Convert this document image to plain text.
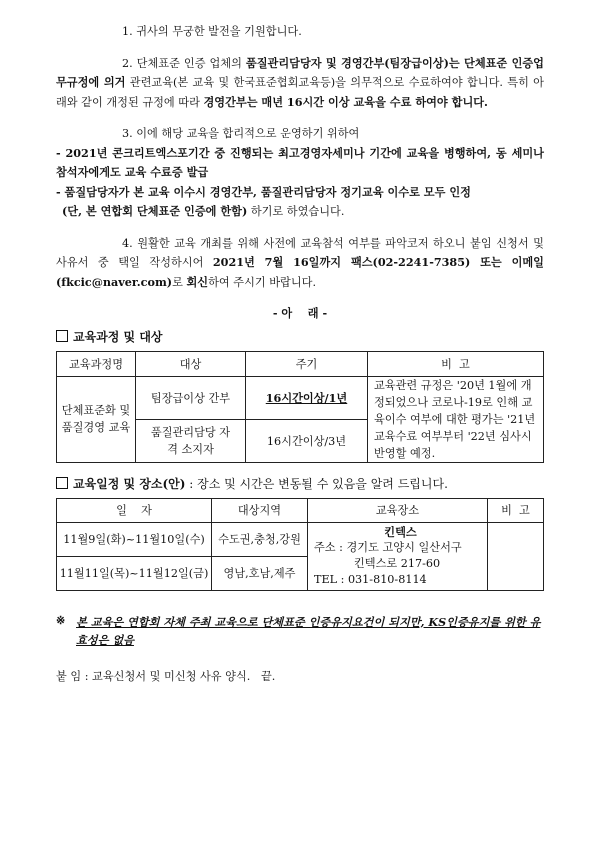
1. 귀사의 무궁한 발전을 기원합니다.

2. 단체표준 인증 업체의 품질관리담당자 및 경영간부(팀장급이상)는 단체표준 인증업무규정에 의거 관련교육(본 교육 및 한국표준협회교육등)을 의무적으로 수료하여야 합니다. 특히 아래와 같이 개정된 규정에 따라 경영간부는 매년 16시간 이상 교육을 수료 하여야 합니다.

3. 이에 해당 교육을 합리적으로 운영하기 위하여

- 2021년 콘크리트엑스포기간 중 진행되는 최고경영자세미나 기간에 교육을 병행하여, 동 세미나 참석자에게도 교육 수료증 발급

- 품질담당자가 본 교육 이수시 경영간부, 품질관리담당자 정기교육 이수로 모두 인정

(단, 본 연합회 단체표준 인증에 한함) 하기로 하였습니다.

4. 원활한 교육 개최를 위해 사전에 교육참석 여부를 파악코저 하오니 붙임 신청서 및 사유서 중 택일 작성하시어 2021년 7월 16일까지 팩스(02-2241-7385) 또는 이메일(fkcic@naver.com)로 회신하여 주시기 바랍니다.

- 아    래 -

교육과정 및 대상
교육과정명	대상	주기	비  고
단체표준화 및 품질경영 교육	팀장급이상 간부	16시간이상/1년	교육관련 규정은 '20년 1월에 개정되었으나 코로나-19로 인해 교육이수 여부에 대한 평가는 '21년 교육수료 여부부터 '22년 심사시 반영할 예정.
	품질관리담당 자격 소지자	16시간이상/3년	
교육일정 및 장소(안) : 장소 및 시간은 변동될 수 있음을 알려 드립니다.
일    자	대상지역	교육장소	비  고
11월9일(화)~11월10일(수)	수도권,충청,강원	킨텍스
주소 : 경기도 고양시 일산서구
킨텍스로 217-60
TEL : 031-810-8114	

11월11일(목)~11월12일(금)	영남,호남,제주		
※ 본 교육은 연합회 자체 주최 교육으로 단체표준 인증유지요건이 되지만, KS인증유지를 위한 유효성은 없음

붙 임 : 교육신청서 및 미신청 사유 양식.   끝.
